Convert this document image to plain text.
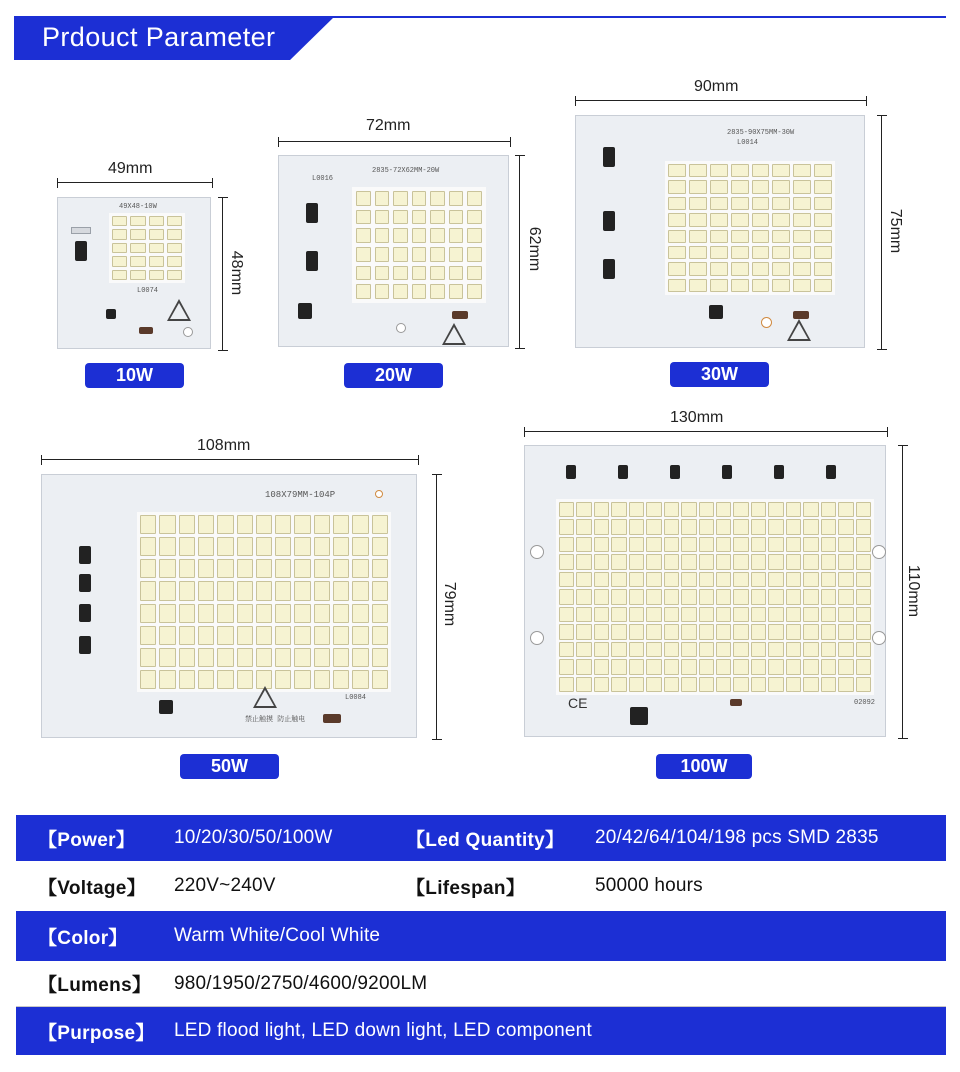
Prdouct Parameter
49mm
48mm
49X48-10W
L0074
10W
72mm
62mm
2835-72X62MM-20W
L0016
20W
90mm
75mm
2835-90X75MM-30W
L0014
30W
108mm
79mm
108X79MM-104P
禁止触摸 防止触电
L0084
50W
130mm
110mm
CE	02092
100W
【Power】 10/20/30/50/100W	【Led Quantity】 20/42/64/104/198 pcs SMD 2835
【Voltage】 220V~240V	【Lifespan】	50000 hours
【Color】 Warm White/Cool White
【Lumens】 980/1950/2750/4600/9200LM
【Purpose】 LED flood light, LED down light, LED component
